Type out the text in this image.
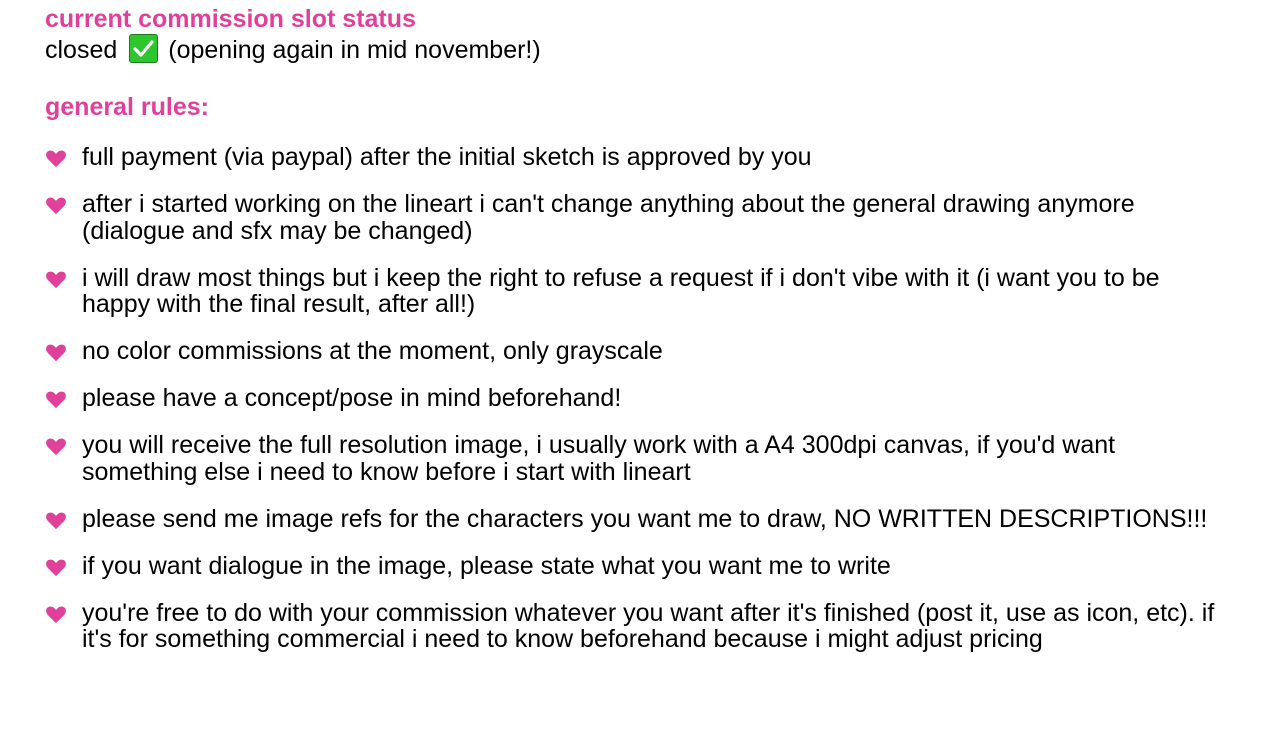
current commission slot status

closed (opening again in mid november!)

general rules:
full payment (via paypal) after the initial sketch is approved by you
after i started working on the lineart i can't change anything about the general drawing anymore (dialogue and sfx may be changed)
i will draw most things but i keep the right to refuse a request if i don't vibe with it (i want you to be happy with the final result, after all!)
no color commissions at the moment, only grayscale
please have a concept/pose in mind beforehand!
you will receive the full resolution image, i usually work with a A4 300dpi canvas, if you'd want something else i need to know before i start with lineart
please send me image refs for the characters you want me to draw, NO WRITTEN DESCRIPTIONS!!!
if you want dialogue in the image, please state what you want me to write
you're free to do with your commission whatever you want after it's finished (post it, use as icon, etc). if it's for something commercial i need to know beforehand because i might adjust pricing
